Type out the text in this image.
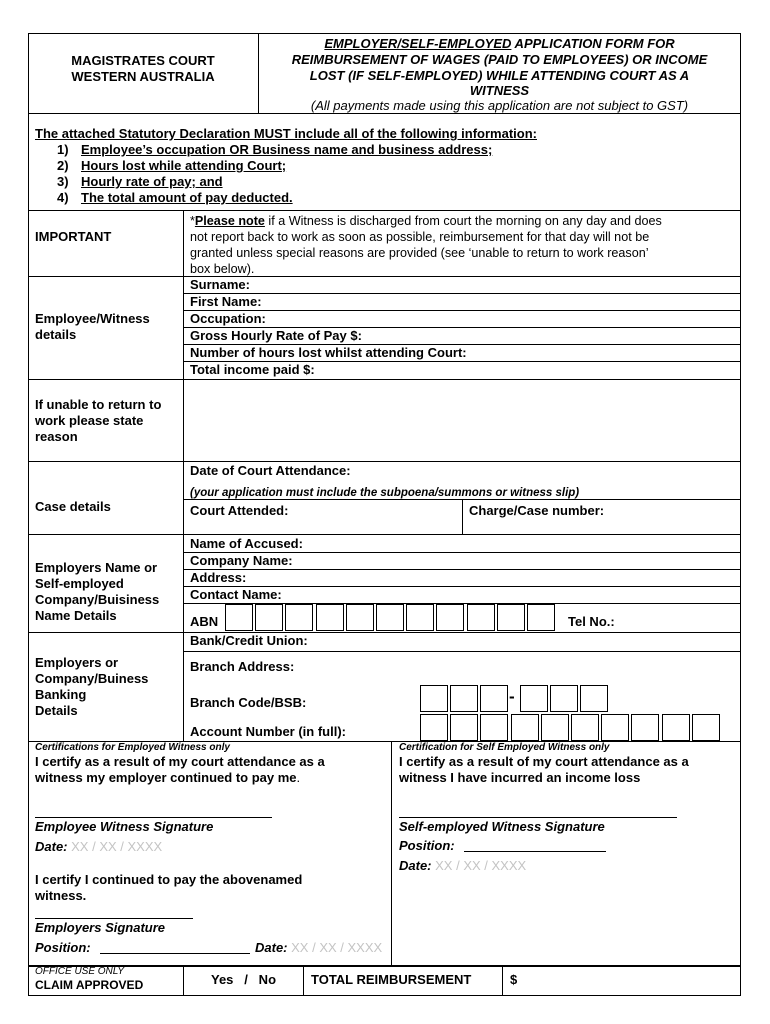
MAGISTRATES COURT
WESTERN AUSTRALIA
EMPLOYER/SELF-EMPLOYED APPLICATION FORM FOR
REIMBURSEMENT OF WAGES (PAID TO EMPLOYEES) OR INCOME
LOST (IF SELF-EMPLOYED) WHILE ATTENDING COURT AS A
WITNESS
(All payments made using this application are not subject to GST)
The attached Statutory Declaration MUST include all of the following information:
1) Employee’s occupation OR Business name and business address;
2) Hours lost while attending Court;
3) Hourly rate of pay; and
4) The total amount of pay deducted.
IMPORTANT
*Please note if a Witness is discharged from court the morning on any day and does
not report back to work as soon as possible, reimbursement for that day will not be
granted unless special reasons are provided (see ‘unable to return to work reason’
box below).
Employee/Witness
details
Surname:
First Name:
Occupation:
Gross Hourly Rate of Pay $:
Number of hours lost whilst attending Court:
Total income paid $:
If unable to return to
work please state
reason
Case details
Date of Court Attendance:
(your application must include the subpoena/summons or witness slip)
Court Attended:	Charge/Case number:
Name of Accused:
Employers Name or
Self-employed
Company/Buisiness
Name Details
Company Name:
Address:
Contact Name:
ABN	Tel No.:
Employers or
Company/Buiness
Banking
Details
Bank/Credit Union:
Branch Address:
Branch Code/BSB:	-
Account Number (in full):
Certifications for Employed Witness only
I certify as a result of my court attendance as a
witness my employer continued to pay me.
Employee Witness Signature
Date: XX / XX / XXXX
I certify I continued to pay the abovenamed
witness.
Employers Signature
Position:	Date: XX / XX / XXXX
Certification for Self Employed Witness only
I certify as a result of my court attendance as a
witness I have incurred an income loss
Self-employed Witness Signature
Position:
Date: XX / XX / XXXX
OFFICE USE ONLY
CLAIM APPROVED	Yes   /   No	TOTAL REIMBURSEMENT	$
